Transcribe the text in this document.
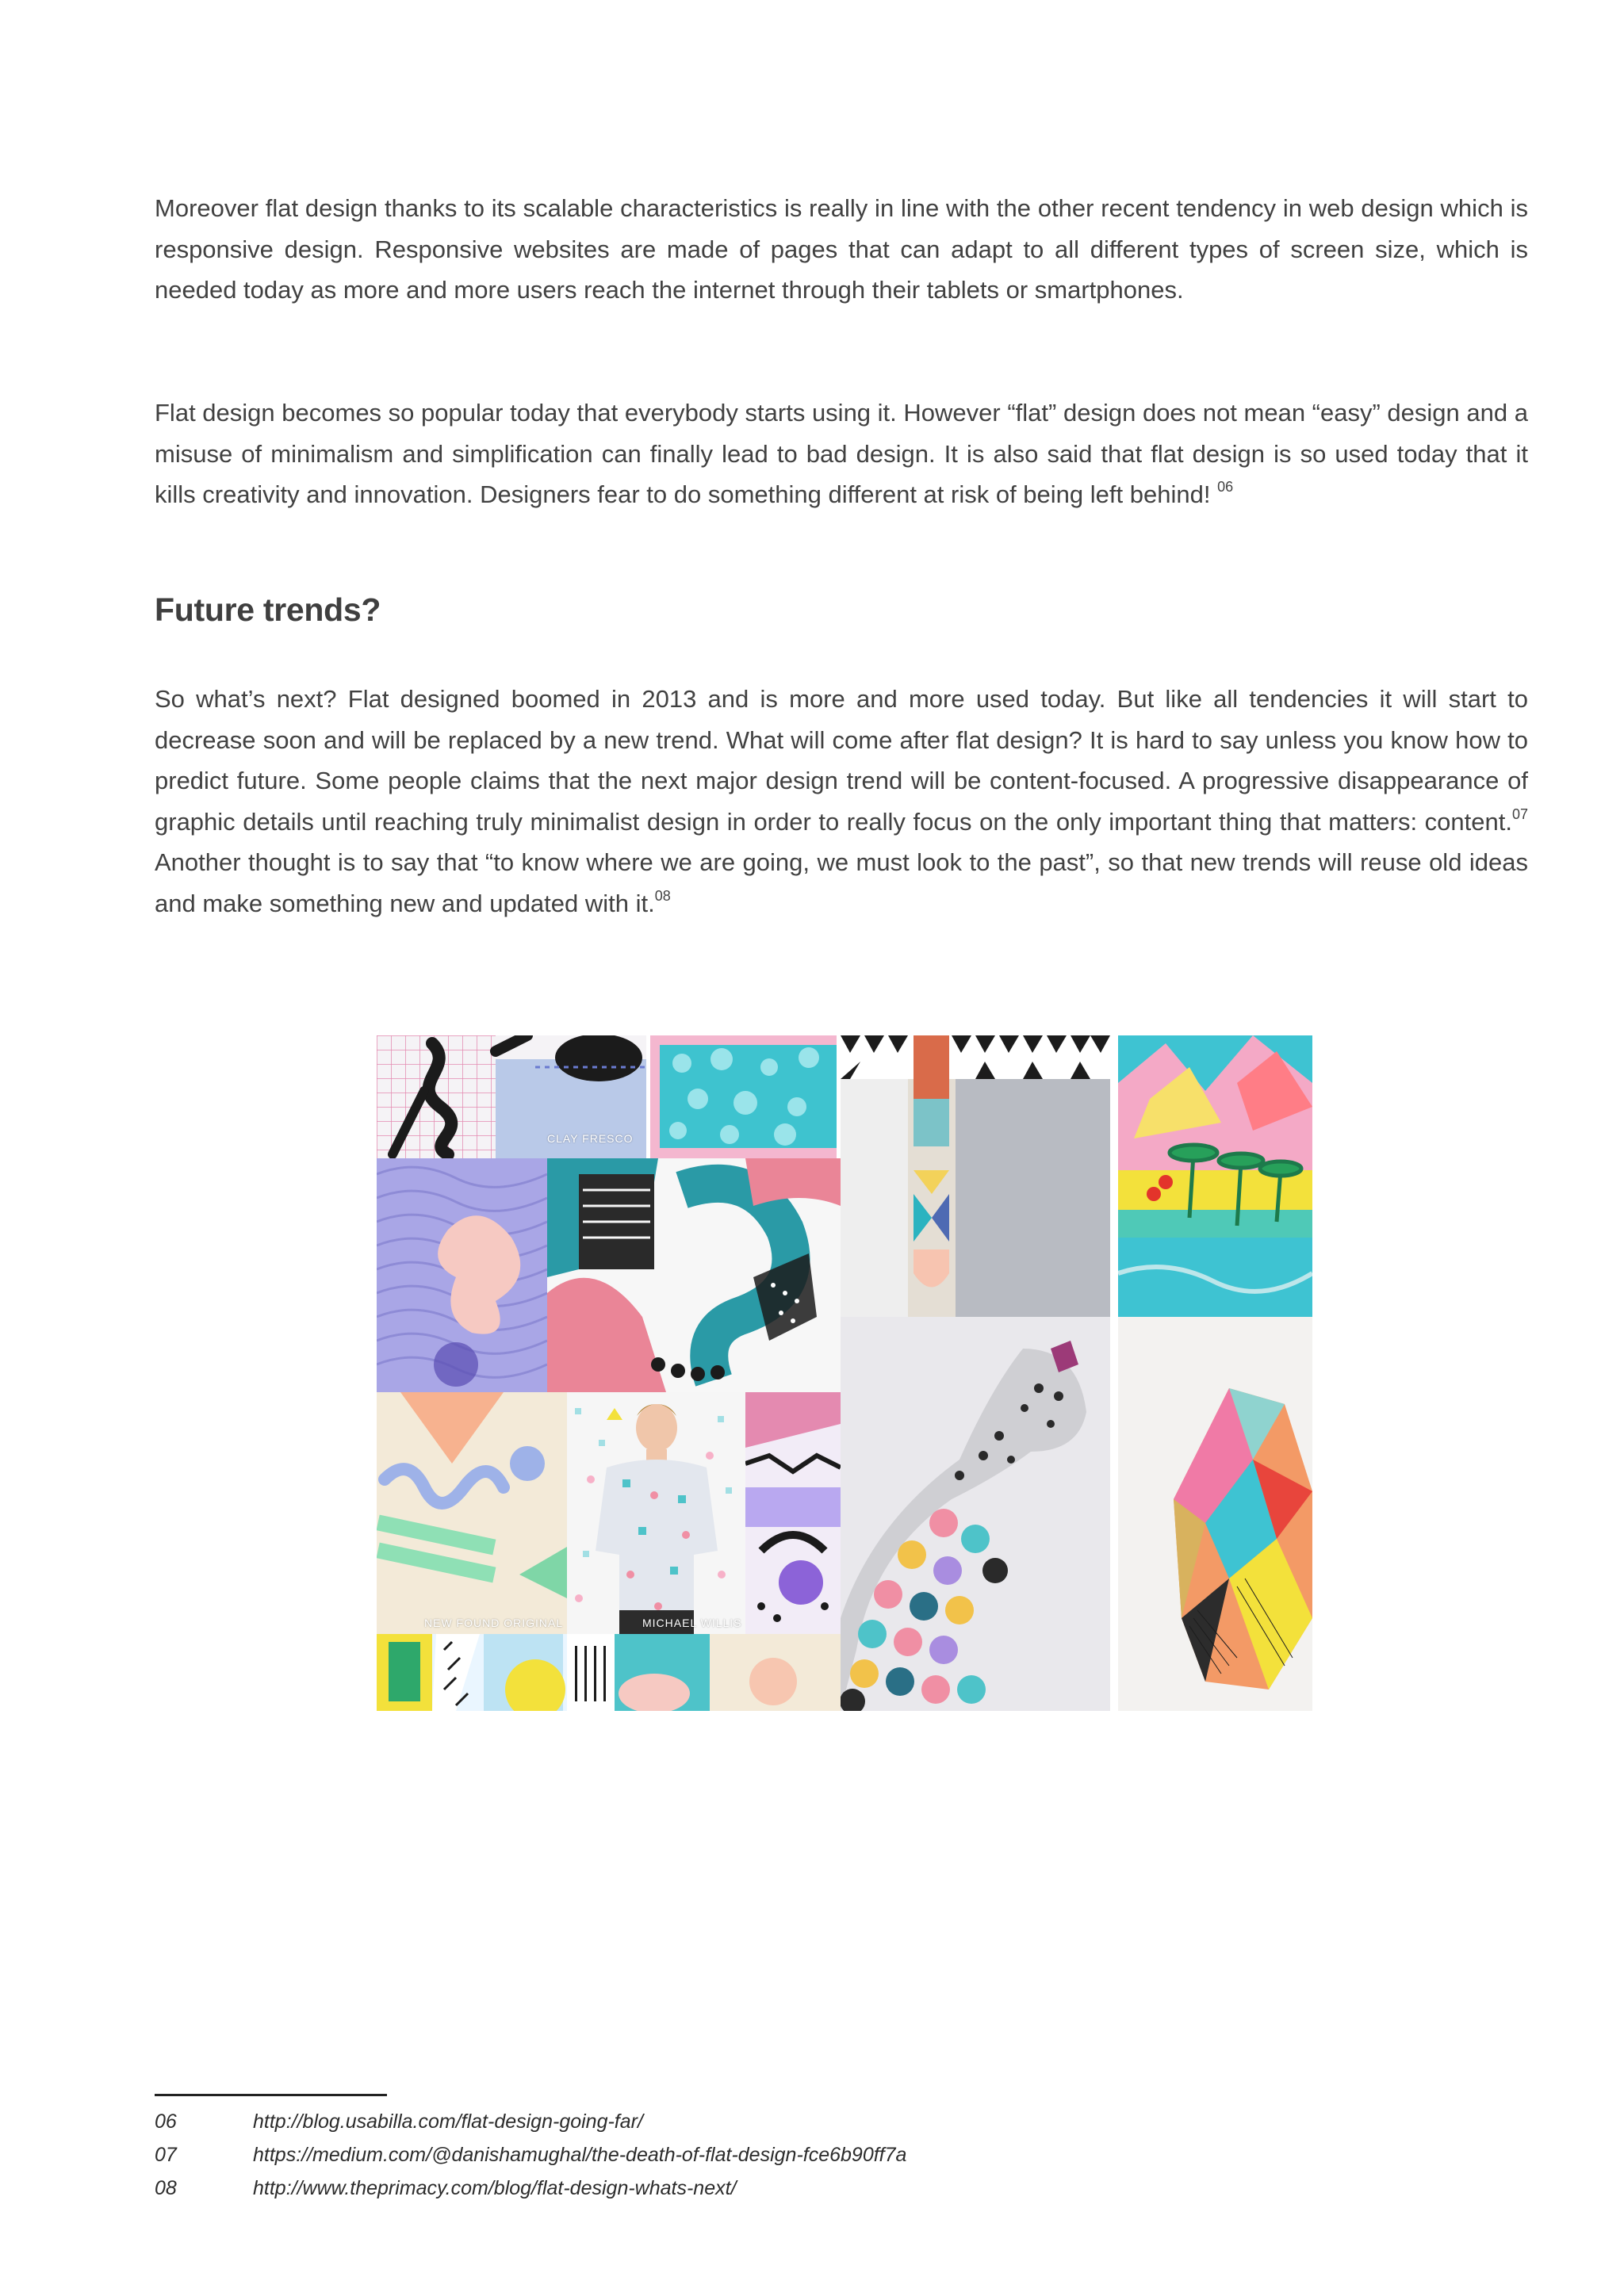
Moreover flat design thanks to its scalable characteristics is really in line with the other recent tendency in web design which is responsive design. Responsive websites are made of pages that can adapt to all different types of screen size, which is needed today as more and more users reach the internet through their tablets or smartphones.

Flat design becomes so popular today that everybody starts using it. However “flat” design does not mean “easy” design and a misuse of minimalism and simplification can finally lead to bad design. It is also said that flat design is so used today that it kills creativity and innovation. Designers fear to do something different at risk of being left behind! $^{06}$

Future trends?

So what’s next? Flat designed boomed in 2013 and is more and more used today. But like all tendencies it will start to decrease soon and will be replaced by a new trend. What will come after flat design? It is hard to say unless you know how to predict future. Some people claims that the next major design trend will be content-focused. A progressive disappearance of graphic details until reaching truly minimalist design in order to really focus on the only important thing that matters: content.$^{07}$ Another thought is to say that “to know where we are going, we must look to the past”, so that new trends will reuse old ideas and make something new and updated with it.$^{08}$

CLAY FRESCO
NEW FOUND ORIGINAL	MICHAEL WILLIS
06	http://blog.usabilla.com/flat-design-going-far/
07	https://medium.com/@danishamughal/the-death-of-flat-design-fce6b90ff7a
08	http://www.theprimacy.com/blog/flat-design-whats-next/
